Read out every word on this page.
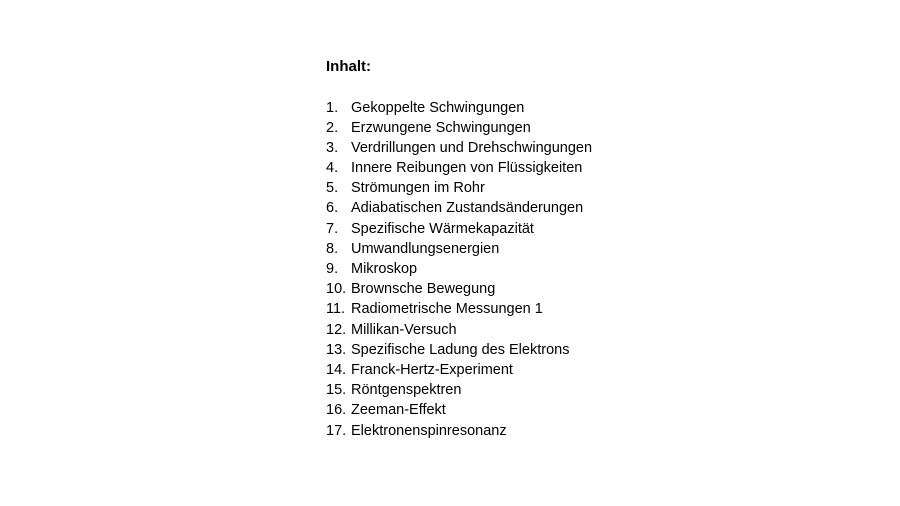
Inhalt:
1. Gekoppelte Schwingungen
2. Erzwungene Schwingungen
3. Verdrillungen und Drehschwingungen
4. Innere Reibungen von Flüssigkeiten
5. Strömungen im Rohr
6. Adiabatischen Zustandsänderungen
7. Spezifische Wärmekapazität
8. Umwandlungsenergien
9. Mikroskop
10. Brownsche Bewegung
11. Radiometrische Messungen 1
12. Millikan-Versuch
13. Spezifische Ladung des Elektrons
14. Franck-Hertz-Experiment
15. Röntgenspektren
16. Zeeman-Effekt
17. Elektronenspinresonanz
